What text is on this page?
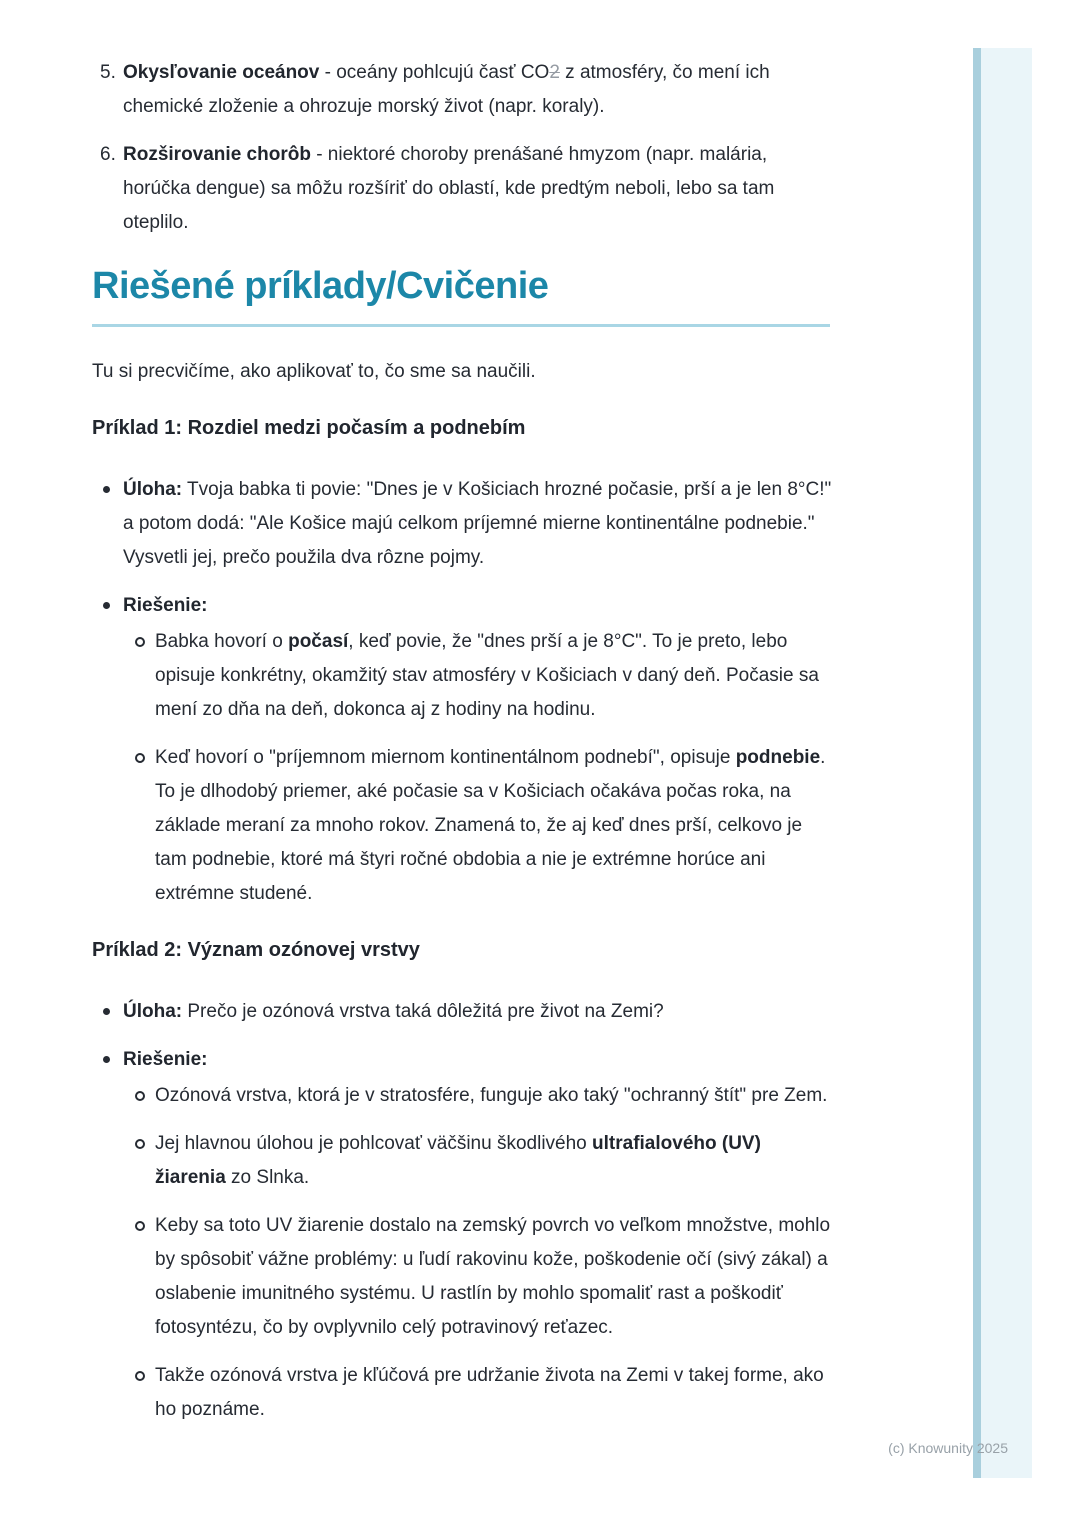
5. Okysľovanie oceánov - oceány pohlcujú časť CO2 z atmosféry, čo mení ich chemické zloženie a ohrozuje morský život (napr. koraly).
6. Rozširovanie chorôb - niektoré choroby prenášané hmyzom (napr. malária, horúčka dengue) sa môžu rozšíriť do oblastí, kde predtým neboli, lebo sa tam oteplilo.
Riešené príklady/Cvičenie

Tu si precvičíme, ako aplikovať to, čo sme sa naučili.

Príklad 1: Rozdiel medzi počasím a podnebím
Úloha: Tvoja babka ti povie: "Dnes je v Košiciach hrozné počasie, prší a je len 8°C!" a potom dodá: "Ale Košice majú celkom príjemné mierne kontinentálne podnebie." Vysvetli jej, prečo použila dva rôzne pojmy.
Riešenie:
Babka hovorí o počasí, keď povie, že "dnes prší a je 8°C". To je preto, lebo opisuje konkrétny, okamžitý stav atmosféry v Košiciach v daný deň. Počasie sa mení zo dňa na deň, dokonca aj z hodiny na hodinu.
Keď hovorí o "príjemnom miernom kontinentálnom podnebí", opisuje podnebie. To je dlhodobý priemer, aké počasie sa v Košiciach očakáva počas roka, na základe meraní za mnoho rokov. Znamená to, že aj keď dnes prší, celkovo je tam podnebie, ktoré má štyri ročné obdobia a nie je extrémne horúce ani extrémne studené.
Príklad 2: Význam ozónovej vrstvy
Úloha: Prečo je ozónová vrstva taká dôležitá pre život na Zemi?
Riešenie:
Ozónová vrstva, ktorá je v stratosfére, funguje ako taký "ochranný štít" pre Zem.
Jej hlavnou úlohou je pohlcovať väčšinu škodlivého ultrafialového (UV) žiarenia zo Slnka.
Keby sa toto UV žiarenie dostalo na zemský povrch vo veľkom množstve, mohlo by spôsobiť vážne problémy: u ľudí rakovinu kože, poškodenie očí (sivý zákal) a oslabenie imunitného systému. U rastlín by mohlo spomaliť rast a poškodiť fotosyntézu, čo by ovplyvnilo celý potravinový reťazec.
Takže ozónová vrstva je kľúčová pre udržanie života na Zemi v takej forme, ako ho poznáme.
(c) Knowunity 2025
